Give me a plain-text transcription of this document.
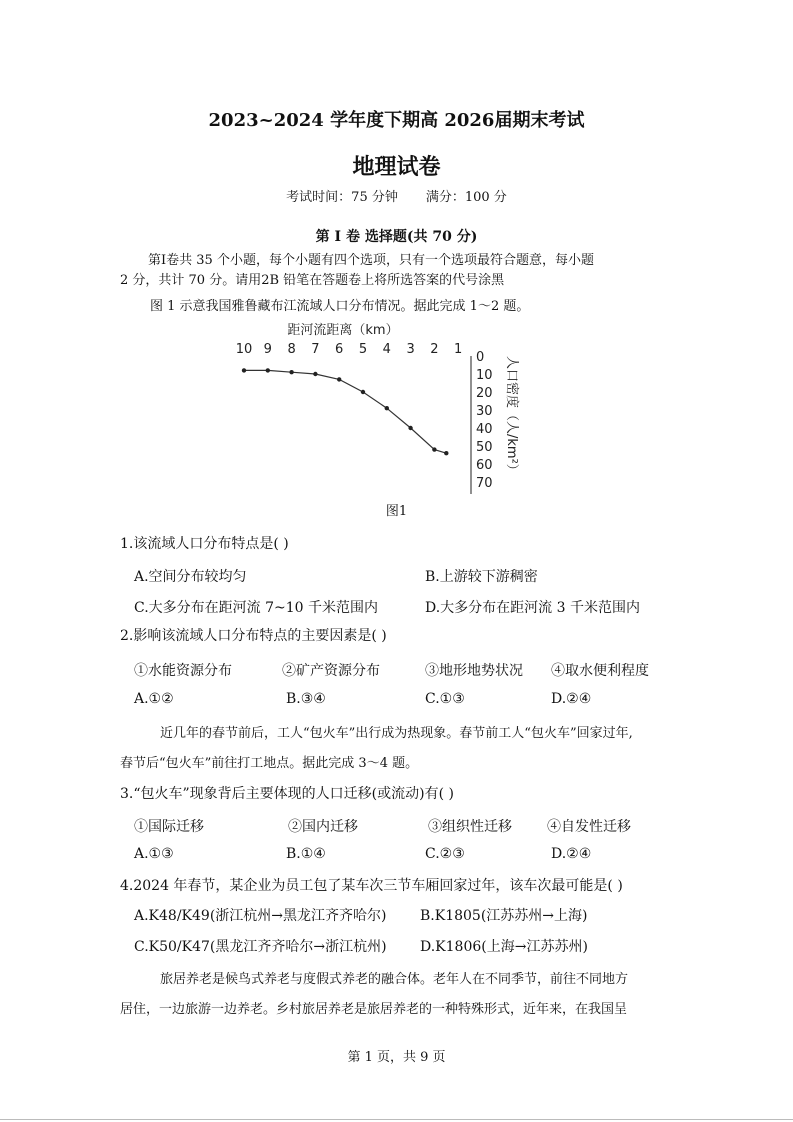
2023~2024 学年度下期高 2026届期末考试
地理试卷
考试时间：75 分钟 满分：100 分
第 I 卷 选择题(共 70 分)
第Ⅰ卷共 35 个小题，每个小题有四个选项，只有一个选项最符合题意，每小题
2 分，共计 70 分。请用2B 铅笔在答题卷上将所选答案的代号涂黑
图 1 示意我国雅鲁藏布江流域人口分布情况。据此完成 1～2 题。
距河流距离（km）
10 9 8 7 6 5 4 3 2 1
0
10
20
30
40
50
60
70
人口密度（人/km²）
图1
1.该流域人口分布特点是( )
A.空间分布较均匀	B.上游较下游稠密
C.大多分布在距河流 7~10 千米范围内	D.大多分布在距河流 3 千米范围内
2.影响该流域人口分布特点的主要因素是( )
①水能资源分布	②矿产资源分布	③地形地势状况 ④取水便利程度
A.①②	B.③④	C.①③	D.②④
近几年的春节前后，工人“包火车”出行成为热现象。春节前工人“包火车”回家过年,
春节后“包火车”前往打工地点。据此完成 3～4 题。
3.“包火车”现象背后主要体现的人口迁移(或流动)有( )
①国际迁移	②国内迁移	③组织性迁移	④自发性迁移
A.①③	B.①④	C.②③	D.②④
4.2024 年春节，某企业为员工包了某车次三节车厢回家过年，该车次最可能是( )
A.K48/K49(浙江杭州→黑龙江齐齐哈尔) B.K1805(江苏苏州→上海)
C.K50/K47(黑龙江齐齐哈尔→浙江杭州) D.K1806(上海→江苏苏州)
旅居养老是候鸟式养老与度假式养老的融合体。老年人在不同季节，前往不同地方
居住，一边旅游一边养老。乡村旅居养老是旅居养老的一种特殊形式，近年来，在我国呈
第 1 页，共 9 页
